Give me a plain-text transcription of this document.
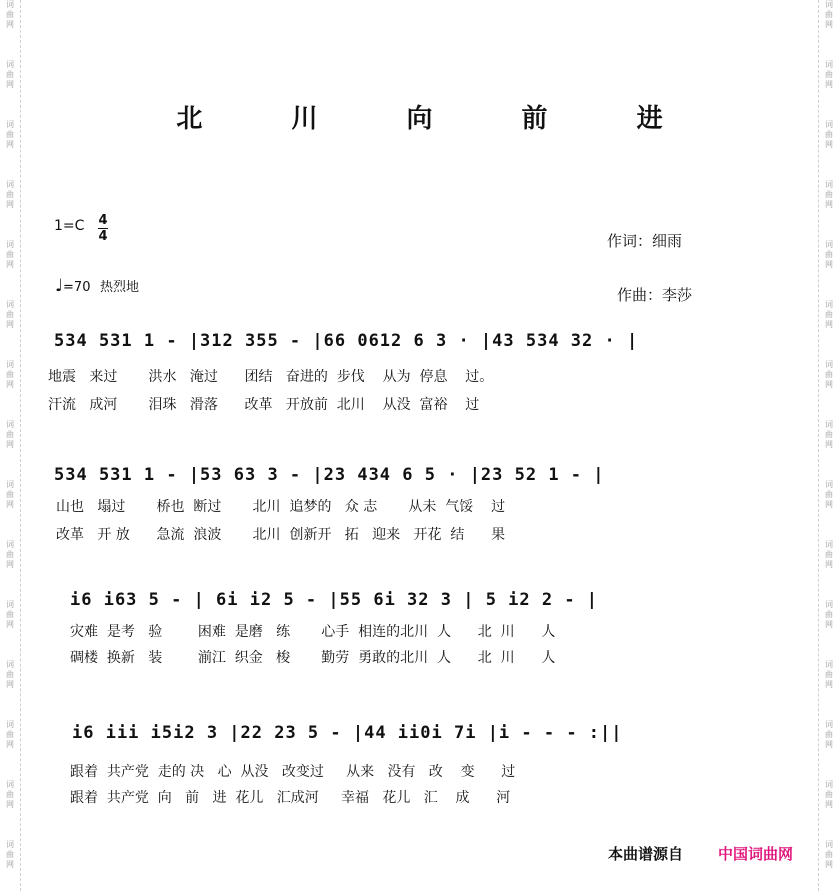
词
曲
网
词
曲
网
词
曲
网
词
曲
网
词
曲
网
词
曲
网
词
曲
网
词
曲
网
词
曲
网
词
曲
网
词
曲
网
词
曲
网
词
曲
网
词
曲
网
词
曲
网
词
曲
网
词
曲
网
词
曲
网
词
曲
网
词
曲
网
词
曲
网
词
曲
网
词
曲
网
词
曲
网
词
曲
网
词
曲
网
词
曲
网
词
曲
网
词
曲
网
词
曲
网
北 川 向 前 进
1=C 4
4	作词：细雨
作曲：李莎
♩=70 热烈地
534 531 1 - |312 355 - |66 0612 6 3 · |43 534 32 · |
地震   来过       洪水   淹过      团结   奋进的  步伐    从为  停息    过。
汗流   成河       泪珠   滑落      改革   开放前  北川    从没  富裕    过
534 531 1 - |53 63 3 - |23 434 6 5 · |23 52 1 - |
山也   塌过       桥也  断过       北川  追梦的   众 志       从未  气馁    过
改革   开 放      急流  浪波       北川  创新开   拓   迎来   开花  结      果
i6 i63 5 - | 6i i2 5 - |55 6i 32 3 | 5 i2 2 - |
灾难  是考   验        困难  是磨   练       心手  相连的北川  人      北  川      人
碉楼  换新   装        湔江  织金   梭       勤劳  勇敢的北川  人      北  川      人
i6 iii i5i2 3 |22 23 5 - |44 ii0i 7i |i - - - :||
跟着  共产党  走的 决   心  从没   改变过     从来   没有   改    变      过
跟着  共产党  向   前   进  花儿   汇成河     幸福   花儿   汇    成      河
本曲谱源自 中国词曲网
